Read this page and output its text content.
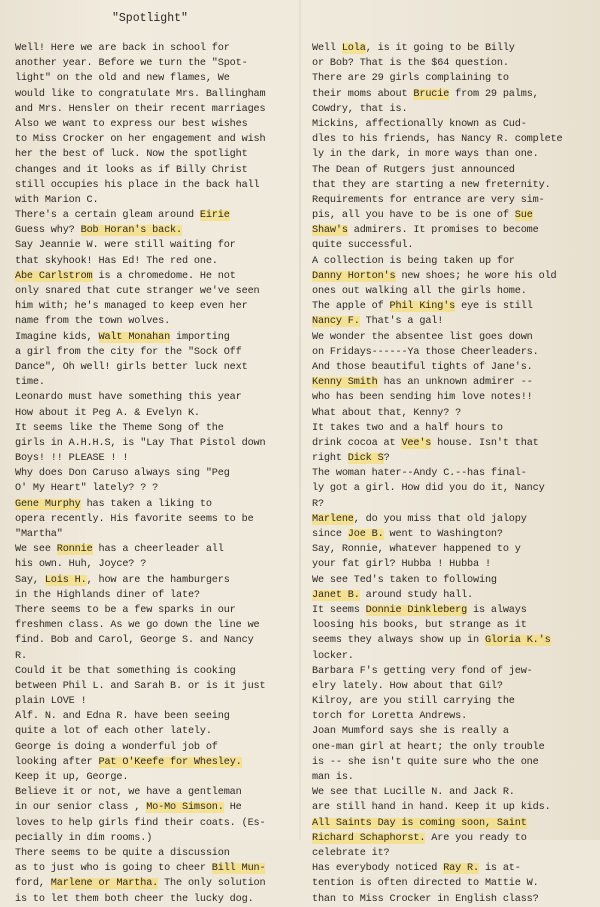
"Spotlight"
Well! Here we are back in school for
another year. Before we turn the "Spot-
light" on the old and new flames, We
would like to congratulate Mrs. Ballingham
and Mrs. Hensler on their recent marriages
Also we want to express our best wishes
to Miss Crocker on her engagement and wish
her the best of luck. Now the spotlight
changes and it looks as if Billy Christ
still occupies his place in the back hall
with Marion C.
There's a certain gleam around Eirie
Guess why? Bob Horan's back.
Say Jeannie W. were still waiting for
that skyhook! Has Ed! The red one.
Abe Carlstrom is a chromedome. He not
only snared that cute stranger we've seen
him with; he's managed to keep even her
name from the town wolves.
Imagine kids, Walt Monahan importing
a girl from the city for the "Sock Off
Dance", Oh well! girls better luck next
time.
Leonardo must have something this year
How about it Peg A. & Evelyn K.
It seems like the Theme Song of the
girls in A.H.H.S, is "Lay That Pistol down
Boys! !! PLEASE ! !
Why does Don Caruso always sing "Peg
O' My Heart" lately? ? ?
Gene Murphy has taken a liking to
opera recently. His favorite seems to be
"Martha"
We see Ronnie has a cheerleader all
his own. Huh, Joyce? ?
Say, Lois H., how are the hamburgers
in the Highlands diner of late?
There seems to be a few sparks in our
freshmen class. As we go down the line we
find. Bob and Carol, George S. and Nancy
R.
Could it be that something is cooking
between Phil L. and Sarah B. or is it just
plain LOVE !
Alf. N. and Edna R. have been seeing
quite a lot of each other lately.
George is doing a wonderful job of
looking after Pat O'Keefe for Whesley.
Keep it up, George.
Believe it or not, we have a gentleman
in our senior class , Mo-Mo Simson. He
loves to help girls find their coats. (Es-
pecially in dim rooms.)
There seems to be quite a discussion
as to just who is going to cheer Bill Mun-
ford, Marlene or Martha. The only solution
is to let them both cheer the lucky dog.
Well Lola, is it going to be Billy
or Bob? That is the $64 question.
There are 29 girls complaining to
their moms about Brucie from 29 palms,
Cowdry, that is.
Mickins, affectionally known as Cud-
dles to his friends, has Nancy R. complete
ly in the dark, in more ways than one.
The Dean of Rutgers just announced
that they are starting a new freternity.
Requirements for entrance are very sim-
pis, all you have to be is one of Sue
Shaw's admirers. It promises to become
quite successful.
A collection is being taken up for
Danny Horton's new shoes; he wore his old
ones out walking all the girls home.
The apple of Phil King's eye is still
Nancy F. That's a gal!
We wonder the absentee list goes down
on Fridays------Ya those Cheerleaders.
And those beautiful tights of Jane's.
Kenny Smith has an unknown admirer --
who has been sending him love notes!!
What about that, Kenny? ?
It takes two and a half hours to
drink cocoa at Vee's house. Isn't that
right Dick S?
The woman hater--Andy C.--has final-
ly got a girl. How did you do it, Nancy
R?
Marlene, do you miss that old jalopy
since Joe B. went to Washington?
Say, Ronnie, whatever happened to y
your fat girl? Hubba ! Hubba !
We see Ted's taken to following
Janet B. around study hall.
It seems Donnie Dinkleberg is always
loosing his books, but strange as it
seems they always show up in Gloria K.'s
locker.
Barbara F's getting very fond of jew-
elry lately. How about that Gil?
Kilroy, are you still carrying the
torch for Loretta Andrews.
Joan Mumford says she is really a
one-man girl at heart; the only trouble
is -- she isn't quite sure who the one
man is.
We see that Lucille N. and Jack R.
are still hand in hand. Keep it up kids.
All Saints Day is coming soon, Saint
Richard Schaphorst. Are you ready to
celebrate it?
Has everybody noticed Ray R. is at-
tention is often directed to Mattie W.
than to Miss Crocker in English class?
